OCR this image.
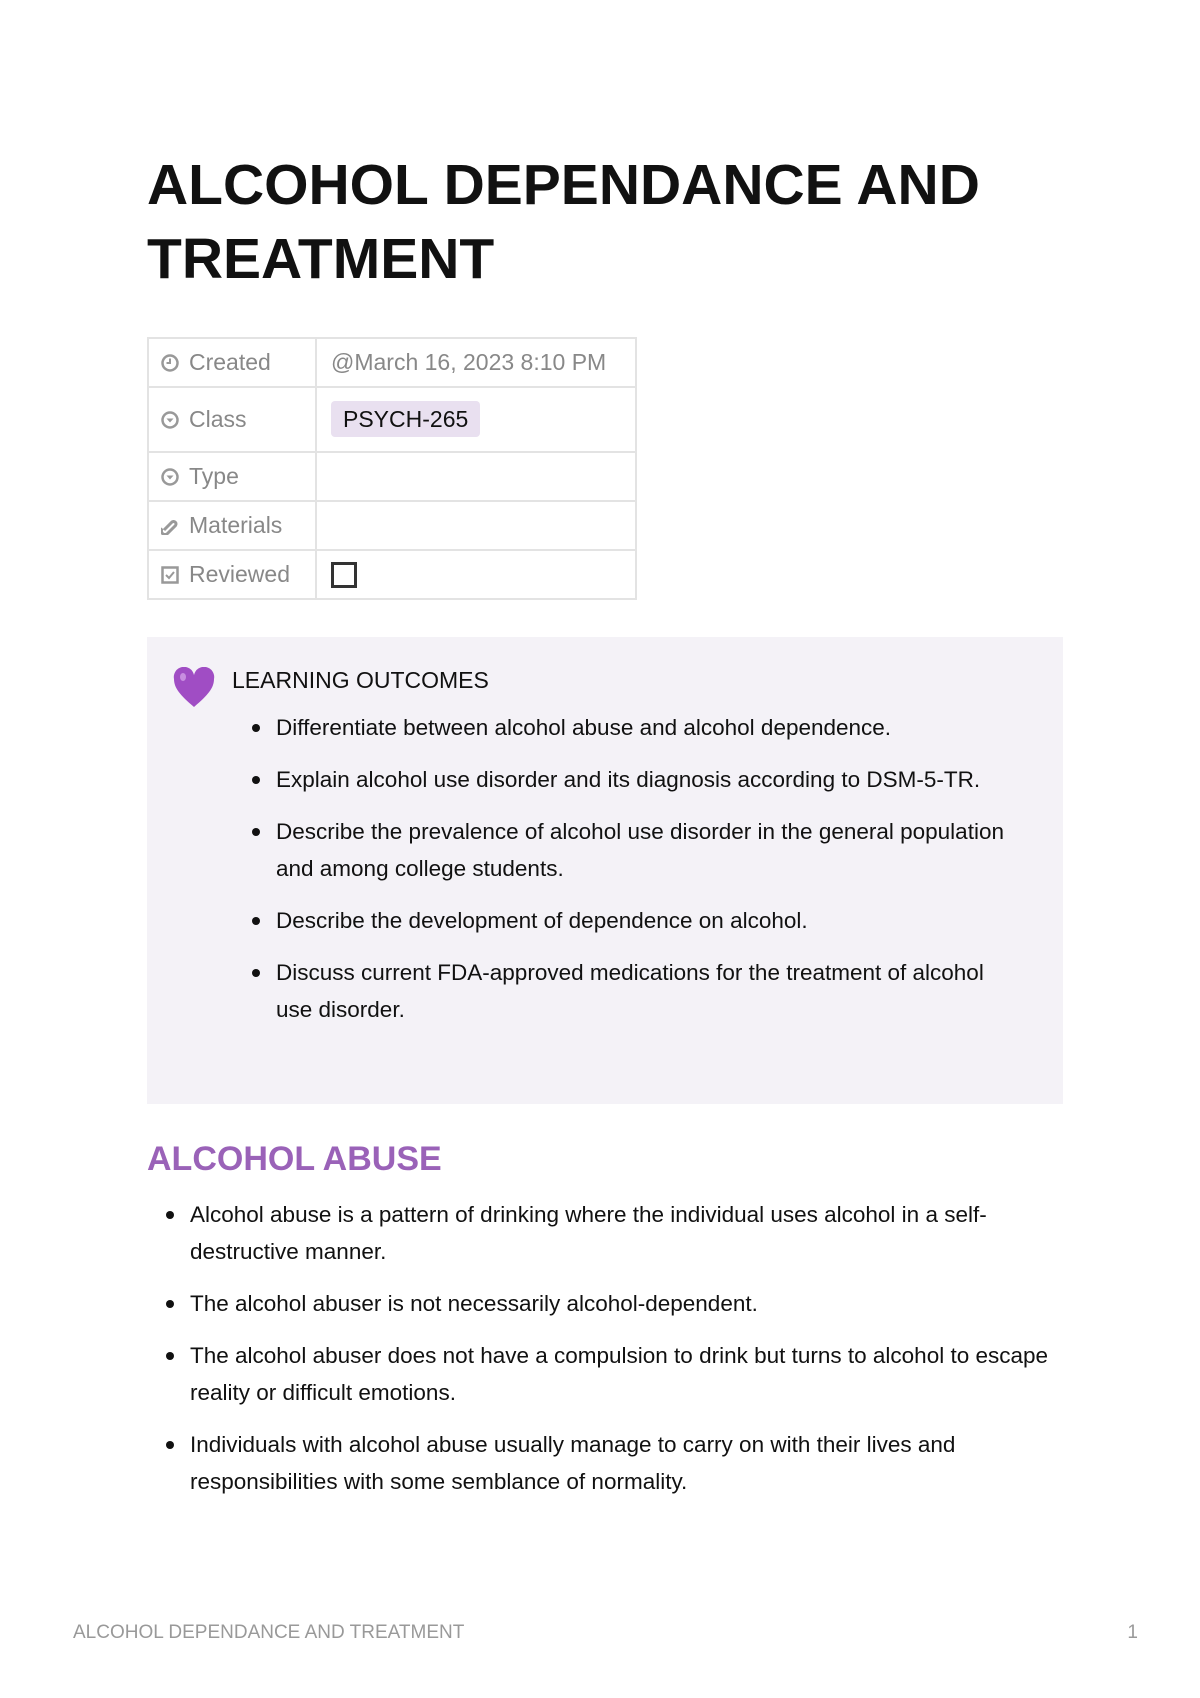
ALCOHOL DEPENDANCE AND TREATMENT
Created	@March 16, 2023 8:10 PM
Class	PSYCH-265
Type	
Materials	
Reviewed	
LEARNING OUTCOMES
Differentiate between alcohol abuse and alcohol dependence.
Explain alcohol use disorder and its diagnosis according to DSM-5-TR.
Describe the prevalence of alcohol use disorder in the general population and among college students.
Describe the development of dependence on alcohol.
Discuss current FDA-approved medications for the treatment of alcohol use disorder.
ALCOHOL ABUSE
Alcohol abuse is a pattern of drinking where the individual uses alcohol in a self-destructive manner.
The alcohol abuser is not necessarily alcohol-dependent.
The alcohol abuser does not have a compulsion to drink but turns to alcohol to escape reality or difficult emotions.
Individuals with alcohol abuse usually manage to carry on with their lives and responsibilities with some semblance of normality.
ALCOHOL DEPENDANCE AND TREATMENT	1
